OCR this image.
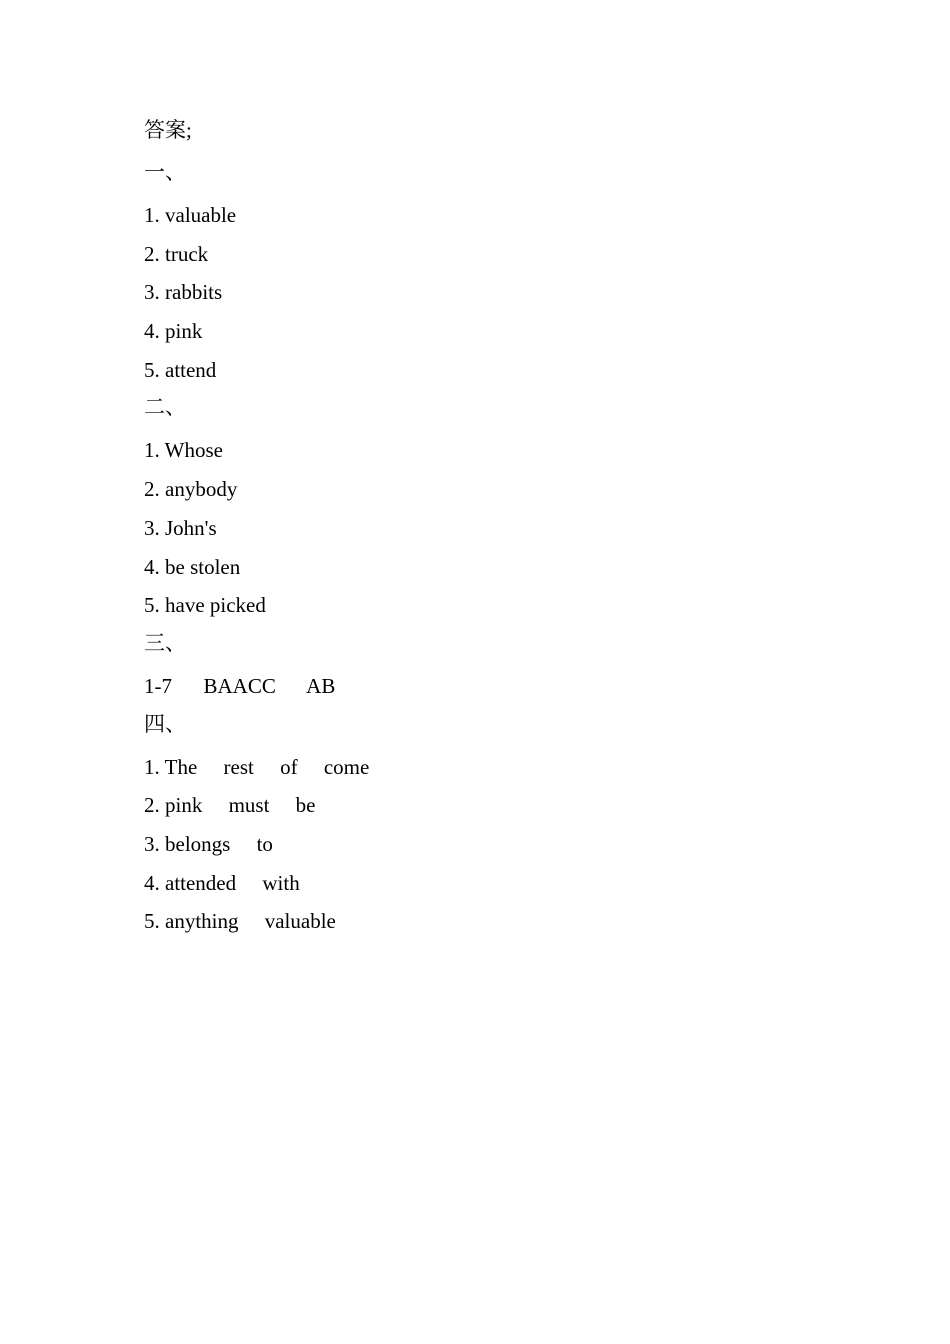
答案;
一、
1. valuable
2. truck
3. rabbits
4. pink
5. attend
二、
1. Whose
2. anybody
3. John's
4. be stolen
5. have picked
三、
1-7      BAACC      AB
四、
1. The     rest     of     come
2. pink     must     be
3. belongs     to
4. attended     with
5. anything     valuable
